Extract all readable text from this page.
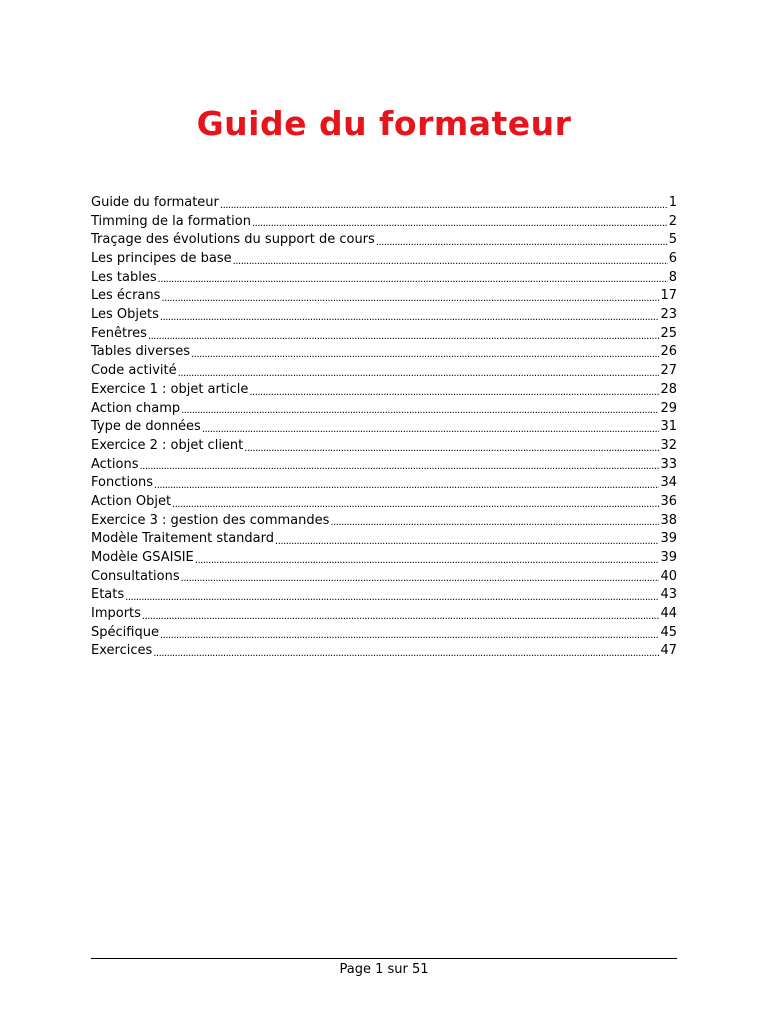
Guide du formateur
Guide du formateur .....	1
Timming de la formation .....	2
Traçage des évolutions du support de cours .....	5
Les principes de base .....	6
Les tables .....	8
Les écrans .....	17
Les Objets .....	23
Fenêtres .....	25
Tables diverses .....	26
Code activité .....	27
Exercice 1 : objet article .....	28
Action champ .....	29
Type de données .....	31
Exercice 2 : objet client .....	32
Actions .....	33
Fonctions .....	34
Action Objet .....	36
Exercice 3 : gestion des commandes .....	38
Modèle Traitement standard .....	39
Modèle GSAISIE .....	39
Consultations .....	40
Etats .....	43
Imports .....	44
Spécifique .....	45
Exercices .....	47
Page 1 sur 51
